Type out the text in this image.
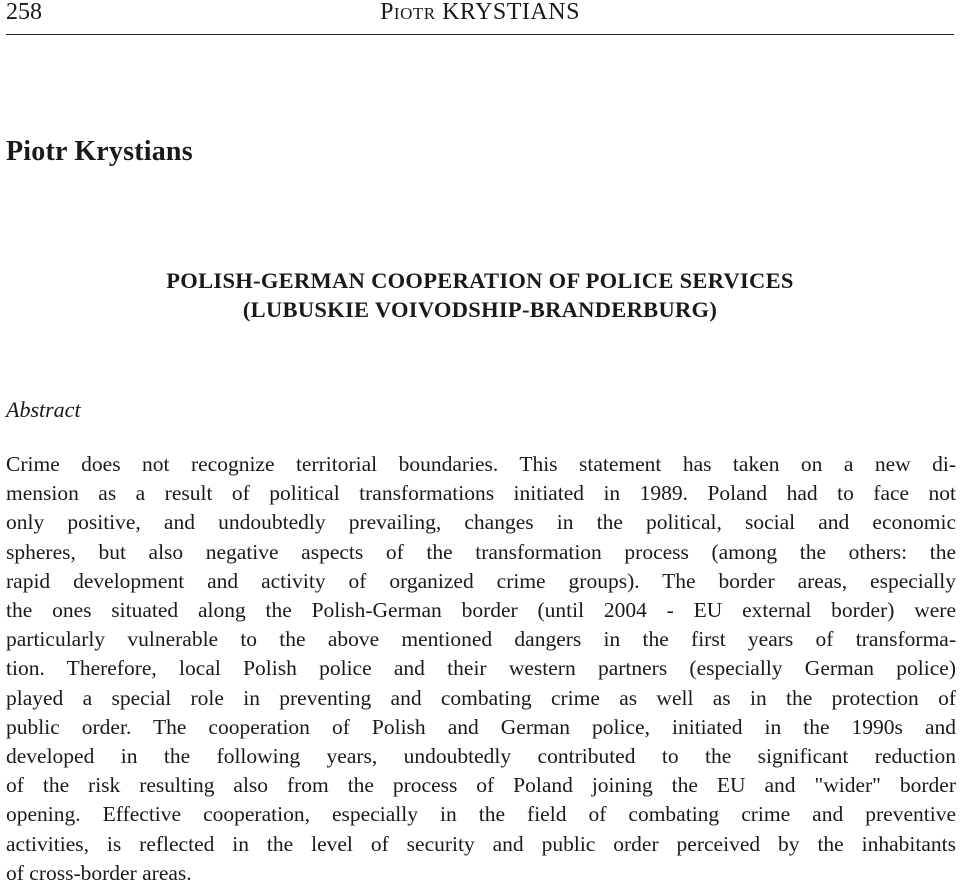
258	Piotr KRYSTIANS
Piotr Krystians
POLISH-GERMAN COOPERATION OF POLICE SERVICES
(LUBUSKIE VOIVODSHIP-BRANDERBURG)
Abstract
Crime does not recognize territorial boundaries. This statement has taken on a new di-
mension as a result of political transformations initiated in 1989. Poland had to face not
only positive, and undoubtedly prevailing, changes in the political, social and economic
spheres, but also negative aspects of the transformation process (among the others: the
rapid development and activity of organized crime groups). The border areas, especially
the ones situated along the Polish-German border (until 2004 - EU external border) were
particularly vulnerable to the above mentioned dangers in the first years of transforma-
tion. Therefore, local Polish police and their western partners (especially German police)
played a special role in preventing and combating crime as well as in the protection of
public order. The cooperation of Polish and German police, initiated in the 1990s and
developed in the following years, undoubtedly contributed to the significant reduction
of the risk resulting also from the process of Poland joining the EU and "wider" border
opening. Effective cooperation, especially in the field of combating crime and preventive
activities, is reflected in the level of security and public order perceived by the inhabitants
of cross-border areas.
